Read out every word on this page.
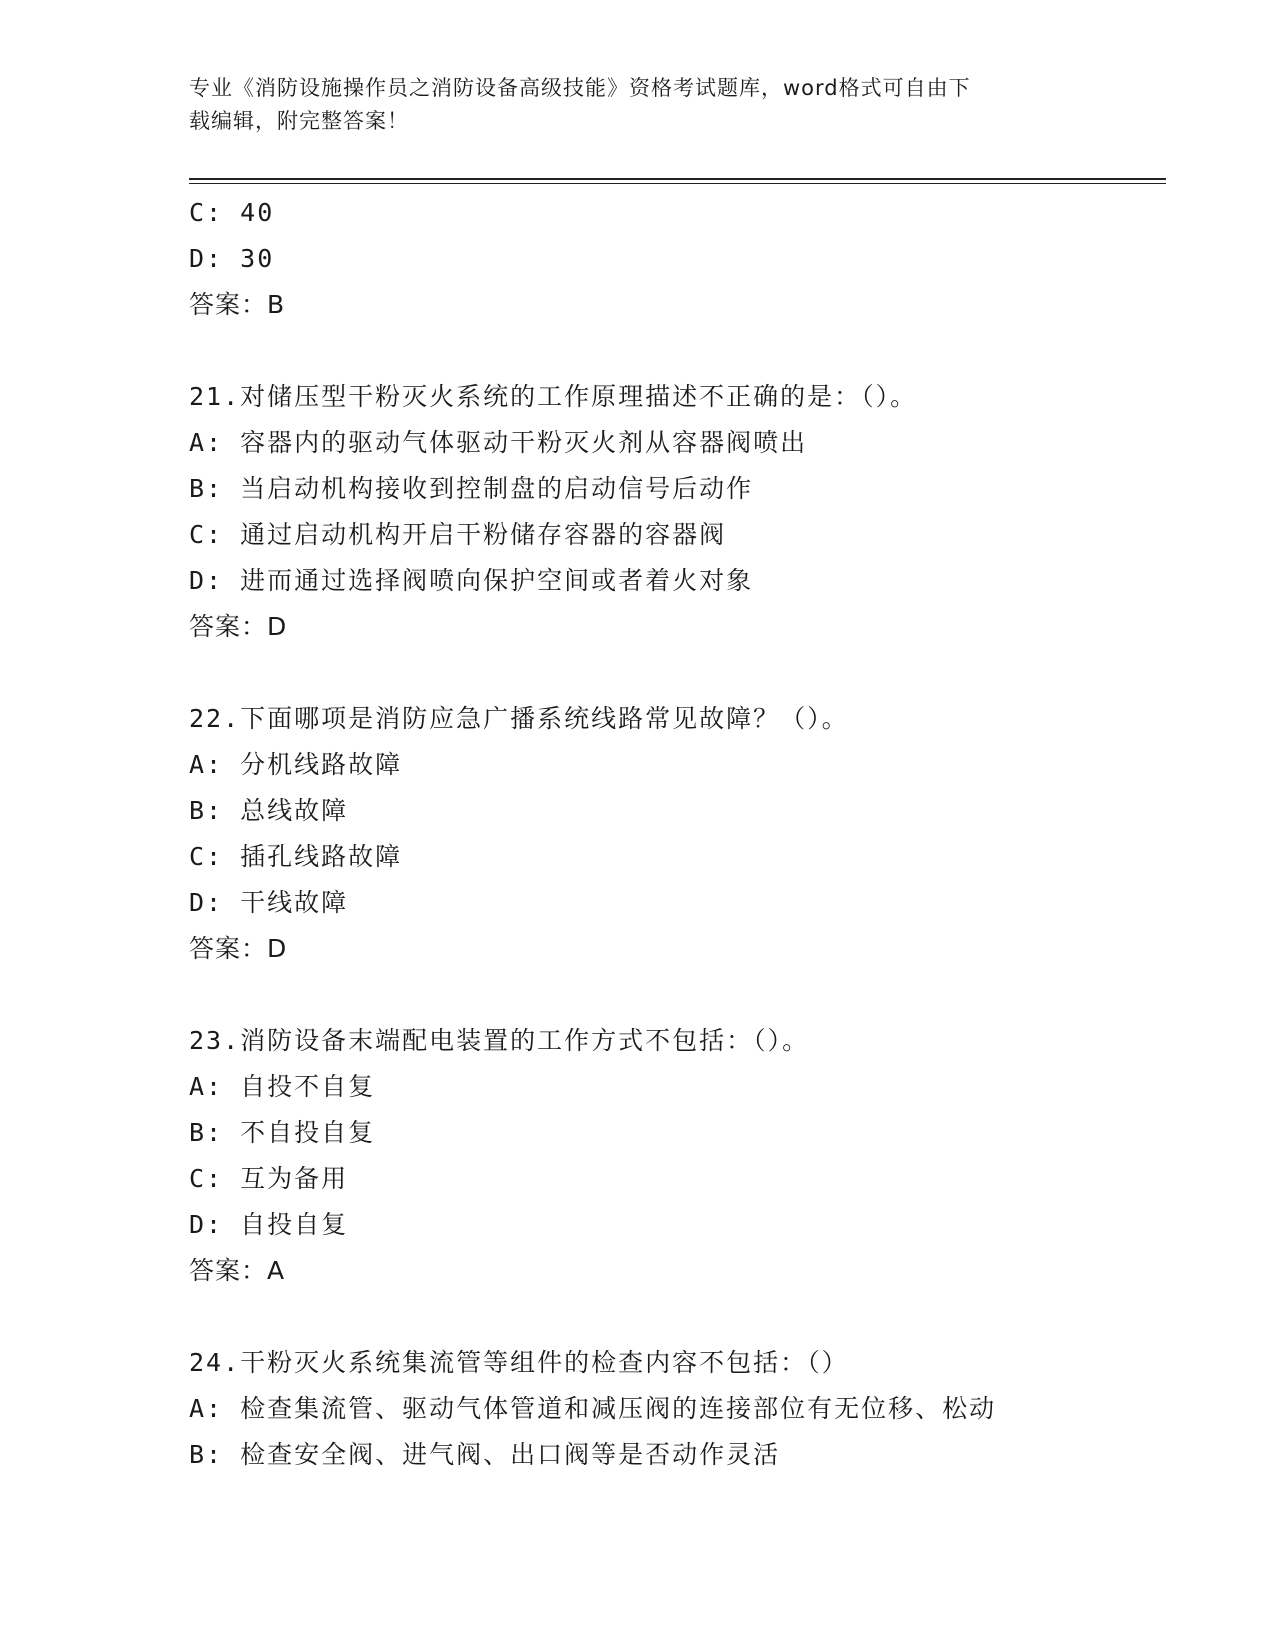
专业《消防设施操作员之消防设备高级技能》资格考试题库，word格式可自由下
载编辑，附完整答案！
C: 40
D: 30
答案：B
21.对储压型干粉灭火系统的工作原理描述不正确的是：（）。
A: 容器内的驱动气体驱动干粉灭火剂从容器阀喷出
B: 当启动机构接收到控制盘的启动信号后动作
C: 通过启动机构开启干粉储存容器的容器阀
D: 进而通过选择阀喷向保护空间或者着火对象
答案：D
22.下面哪项是消防应急广播系统线路常见故障？（）。
A: 分机线路故障
B: 总线故障
C: 插孔线路故障
D: 干线故障
答案：D
23.消防设备末端配电装置的工作方式不包括：（）。
A: 自投不自复
B: 不自投自复
C: 互为备用
D: 自投自复
答案：A
24.干粉灭火系统集流管等组件的检查内容不包括：（）
A: 检查集流管、驱动气体管道和减压阀的连接部位有无位移、松动
B: 检查安全阀、进气阀、出口阀等是否动作灵活
